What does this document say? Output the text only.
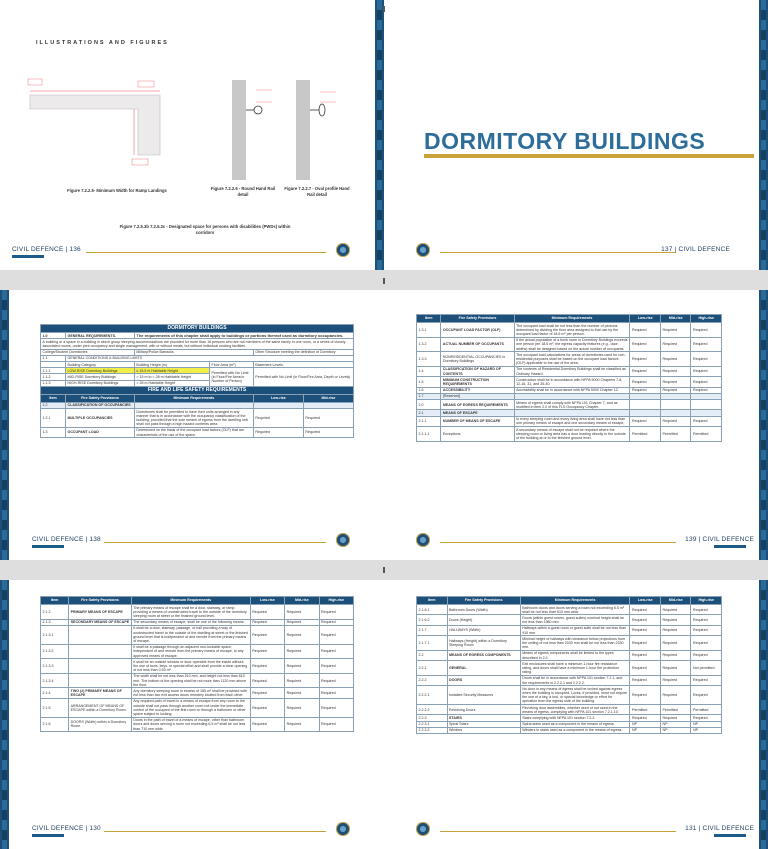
ILLUSTRATIONS AND FIGURES
Figure 7.2.2.5- Minimum Width for Ramp Landings	Figure 7.2.2.6 - Round Hand Rail detail
Figure 7.2.2.7 - Oval profile Hand Rail detail
Figure 7.2.5.3b 7.2.5.3c - Designated space for persons with disabilities (PWDs) within corridors
CIVIL DEFENCE | 136
DORMITORY BUILDINGS
137 | CIVIL DEFENCE
DORMITORY BUILDINGS					
1.0	GENERAL REQUIREMENTS.	The requirements of this chapter shall apply to buildings or portions thereof used as dormitory occupancies.			
A building or a space in a building in which group sleeping accommodations are provided for more than 16 persons who are not members of the same family in one room, or a series of closely associated rooms, under joint occupancy and single management, with or without meals, but without individual cooking facilities.					
College/Student Dormitories		Military/Police Barracks		Other Structure meeting the definition of Dormitory	
1.1	GENERAL CONDITIONS & BUILDING LIMITS				
	Building Category	Building Height (m)	Floor Area (m²)	Basement Levels	
1.1.1	LOW-RISE Dormitory Buildings	≤ 15.5 m Habitable Height	Permitted with No Limit (in Floor/Fire Area/or Number of Person)	Permitted with No Limit (in Floor/Fire Area, Depth or Levels)	
1.1.2	MID-RISE Dormitory Buildings	> 15 m to < 28 m Habitable Height			
1.1.3	HIGH-RISE Dormitory Buildings	> 28 m Habitable Height			
FIRE AND LIFE SAFETY REQUIREMENTS					
Item	Fire Safety Provisions	Minimum Requirements		Low-rise	Mid-rise
1.2	CLASSIFICATION OF OCCUPANCIES				
1.2.1	MULTIPLE OCCUPANCIES	Dormitories shall be permitted to have their units arranged in any manner that is in accordance with the occupancy classification of the building; provided that the sole means of egress from the dwelling unit shall not pass through a high hazard contents area.		Required	Required
1.3	OCCUPANT LOAD	Determined on the basis of the occupant load factors (OLF) that are characteristic of the use of the space.		Required	Required
CIVIL DEFENCE | 138
Item	Fire Safety Provisions	Minimum Requirements	Low-rise	Mid-rise	High-rise
1.3.1	OCCUPANT LOAD FACTOR (OLF)	The occupant load shall be not less than the number of persons determined by dividing the floor area assigned to that use by the occupant load factor of 18.6 m² per person.	Required	Required	Required
1.3.2	ACTUAL NUMBER OF OCCUPANTS	If the actual population of a bunk room in Dormitory Buildings exceeds one person per 18.6 m², the egress capacity features (e.g., door widths) shall be designed based on the actual number of occupants.	Required	Required	Required
1.3.3	NONRESIDENTIAL OCCUPANCIES in Dormitory Buildings	The occupant load calculations for areas of dormitories used for non-residential purposes shall be based on the occupant load factors (OLF) applicable to the use of the area.	Required	Required	Required
1.4	CLASSIFICATION OF HAZARD OF CONTENTS	The contents of Residential Dormitory Buildings shall be classified as Ordinary Hazard.	Required	Required	Required
1.5	MINIMUM CONSTRUCTION REQUIREMENTS	Construction shall be in accordance with NFPA 5000 Chapters 7-8, 12-16, 31, and 35-40.	Required	Required	Required
1.6	ACCESSIBILITY	Accessibility shall be in accordance with NFPA 5000 Chapter 12.	Required	Required	Required
1.7	[Reserved]				
2.0	MEANS OF EGRESS REQUIREMENTS	Means of egress shall comply with NFPA 101 Chapter 7, and as modified in item 2.0 of this FLS Occupancy Chapter.			
2.1	MEANS OF ESCAPE				
2.1.1	NUMBER OF MEANS OF ESCAPE	In every sleeping room and every living area shall have not less than one primary means of escape and one secondary means of escape.	Required	Required	Required
2.1.1.1	Exceptions	A secondary means of escape shall not be required where the sleeping room or living area has a door leading directly to the outside of the building at or to the finished ground level.	Permitted	Permitted	Permitted
139 | CIVIL DEFENCE
Item	Fire Safety Provisions	Minimum Requirements	Low-rise	Mid-rise	High-rise
2.1.2	PRIMARY MEANS OF ESCAPE	The primary means of escape shall be a door, stairway, or ramp providing a means of unobstructed travel to the outside of the dormitory sleeping room at street or the finished ground level.	Required	Required	Required
2.1.3	SECONDARY MEANS OF ESCAPE	The secondary means of escape, shall be one of the following means.	Required	Required	Required
2.1.3.1		It shall be a door, stairway, passage, or hall providing a way of unobstructed travel to the outside of the dwelling at street or the finished ground level that is independent of and remote from the primary means of escape.	Required	Required	Required
2.1.3.2		It shall be a passage through an adjacent non-lockable space, independent of and remote from the primary means of escape, to any approved means of escape.	Required	Required	Required
2.1.3.3		It shall be an outside window or door operable from the inside without the use of tools, keys, or special effort and shall provide a clear opening of not less than 0.53 m².	Required	Required	Required
2.1.3.4		The width shall be not less than 510 mm, and height not less than 610 mm. The bottom of the opening shall be not more than 1120 mm above the floor.	Required	Required	Required
2.1.4	TWO (2) PRIMARY MEANS OF ESCAPE	Any dormitory sleeping room in excess of 185 m² shall be provided with not less than two exit access doors remotely located from each other.	Required	Required	Required
2.1.5	ARRANGEMENT OF MEANS OF ESCAPE within a Dormitory Room	Any required path of travel in a means of escape from any room to the outside shall not pass through another room not under the immediate control of the occupant of the first room or through a bathroom or other space subject to locking.	Required	Required	Required
2.1.6	DOORS (Width) within a Dormitory Room	Doors in the path of travel of a means of escape, other than bathroom doors and doors serving a room not exceeding 6.5 m² shall be not less than 710 mm wide.	Required	Required	Required
CIVIL DEFENCE | 130
Item	Fire Safety Provisions	Minimum Requirements	Low-rise	Mid-rise	High-rise
2.1.6.1	Bathroom Doors (Width)	Bathroom doors and doors serving a room not exceeding 6.5 m² shall be not less than 610 mm wide.	Required	Required	Required
2.1.6.2	Doors (Height)	Doors (within guest rooms, guest suites) nominal height shall be not less than 1980 mm.	Required	Required	Required
2.1.7	HALLWAYS (Width)	Hallways within a guest room or guest suite shall be not less than 910 mm.	Required	Required	Required
2.1.7.1	Hallways (Height) within a Dormitory Sleeping Room	Minimal height of hallways with clearance below projections from the ceiling of not less than 2030 mm shall be not less than 2330 mm.	Required	Required	Required
2.2	MEANS OF EGRESS COMPONENTS	Means of egress components shall be limited to the types described in 2.2.	Required	Required	Required
2.2.1	GENERAL	Exit enclosures shall have a minimum 1-hour fire resistance rating, and doors shall have a minimum 1-hour fire protection rating.	Required	Required	Not permitted
2.2.2	DOORS	Doors shall be in accordance with NFPA 101 section 7.2.1, and the requirements in 2.2.2.1 and 2.2.2.2.	Required	Required	Required
2.2.2.1	Installed Security Measures	No door in any means of egress shall be locked against egress when the building is occupied. Locks, if provided, must not require the use of a key, a tool, or special knowledge or effort for operation from the egress side of the building.	Required	Required	Required
2.2.2.2	Revolving Doors	Revolving door assemblies, whether used or not used in the means of egress, complying with NFPA 101 section 7.2.1.10.	Permitted	Permitted	Permitted
2.2.3	STAIRS	Stairs complying with NFPA 101 section 7.2.2.	Required	Required	Required
2.2.3.1	Spiral Stairs	Spiral stairs used as a component in the means of egress.	NP	NP	NP
2.2.3.2	Winders	Winders in stairs used as a component in the means of egress.	NP	NP	NP
131 | CIVIL DEFENCE
